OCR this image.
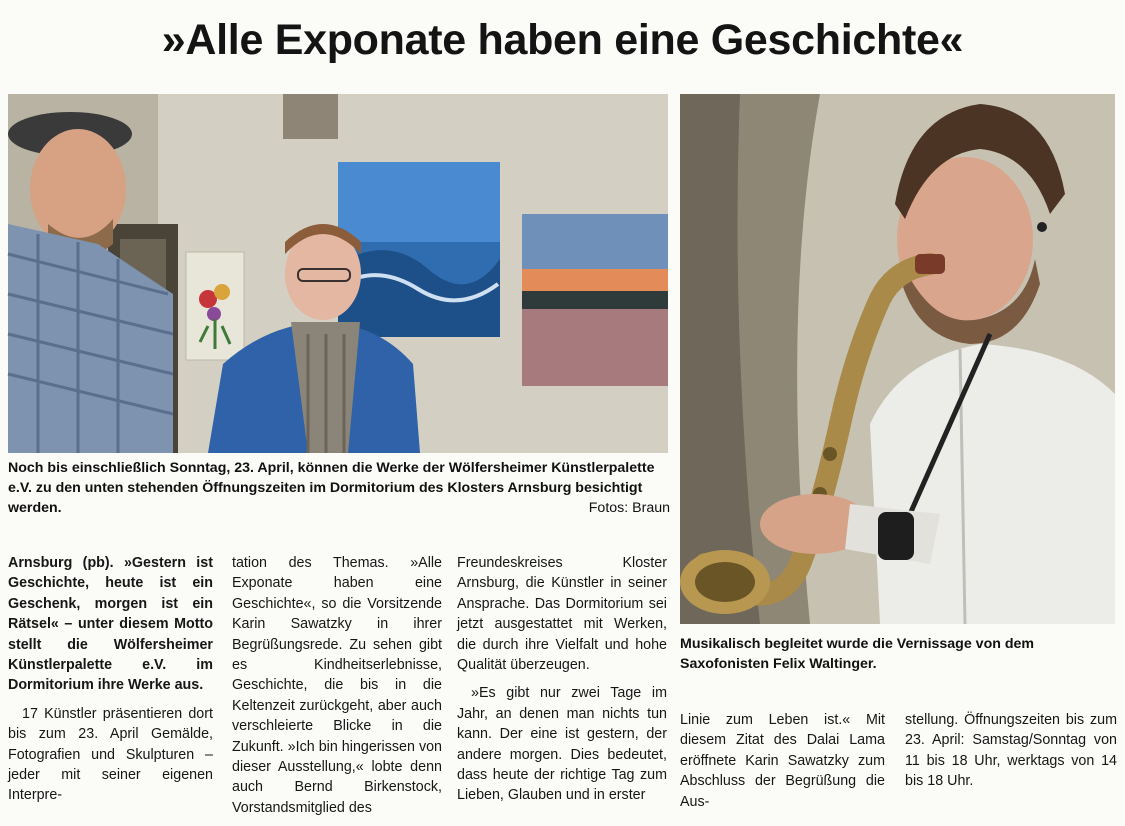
»Alle Exponate haben eine Geschichte«
Noch bis einschließlich Sonntag, 23. April, können die Werke der Wölfersheimer Künstlerpalette e.V. zu den unten stehenden Öffnungszeiten im Dormitorium des Klosters Arnsburg besichtigt werden.	Fotos: Braun
Musikalisch begleitet wurde die Vernissage von dem Saxofonisten Felix Waltinger.

Arnsburg (pb). »Gestern ist Geschichte, heute ist ein Geschenk, morgen ist ein Rätsel« – unter diesem Motto stellt die Wölfersheimer Künstlerpalette e.V. im Dormitorium ihre Werke aus.

17 Künstler präsentieren dort bis zum 23. April Gemälde, Fotografien und Skulpturen – jeder mit seiner eigenen Interpre-

tation des Themas. »Alle Exponate haben eine Geschichte«, so die Vorsitzende Karin Sawatzky in ihrer Begrüßungsrede. Zu sehen gibt es Kindheitserlebnisse, Geschichte, die bis in die Keltenzeit zurückgeht, aber auch verschleierte Blicke in die Zukunft. »Ich bin hingerissen von dieser Ausstellung,« lobte denn auch Bernd Birkenstock, Vorstandsmitglied des

Freundeskreises Kloster Arnsburg, die Künstler in seiner Ansprache. Das Dormitorium sei jetzt ausgestattet mit Werken, die durch ihre Vielfalt und hohe Qualität überzeugen.

»Es gibt nur zwei Tage im Jahr, an denen man nichts tun kann. Der eine ist gestern, der andere morgen. Dies bedeutet, dass heute der richtige Tag zum Lieben, Glauben und in erster

Linie zum Leben ist.« Mit diesem Zitat des Dalai Lama eröffnete Karin Sawatzky zum Abschluss der Begrüßung die Aus-

stellung. Öffnungszeiten bis zum 23. April: Samstag/Sonntag von 11 bis 18 Uhr, werktags von 14 bis 18 Uhr.
